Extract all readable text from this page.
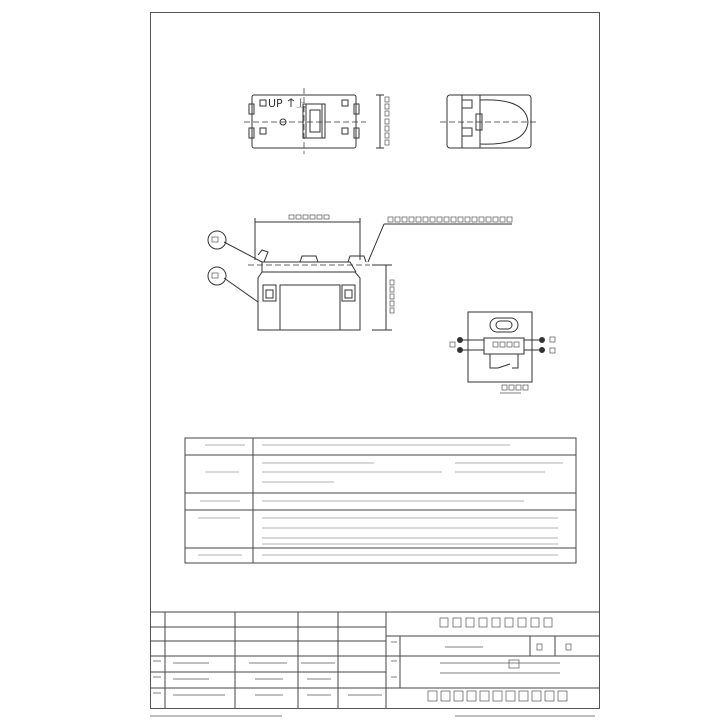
UP 上
